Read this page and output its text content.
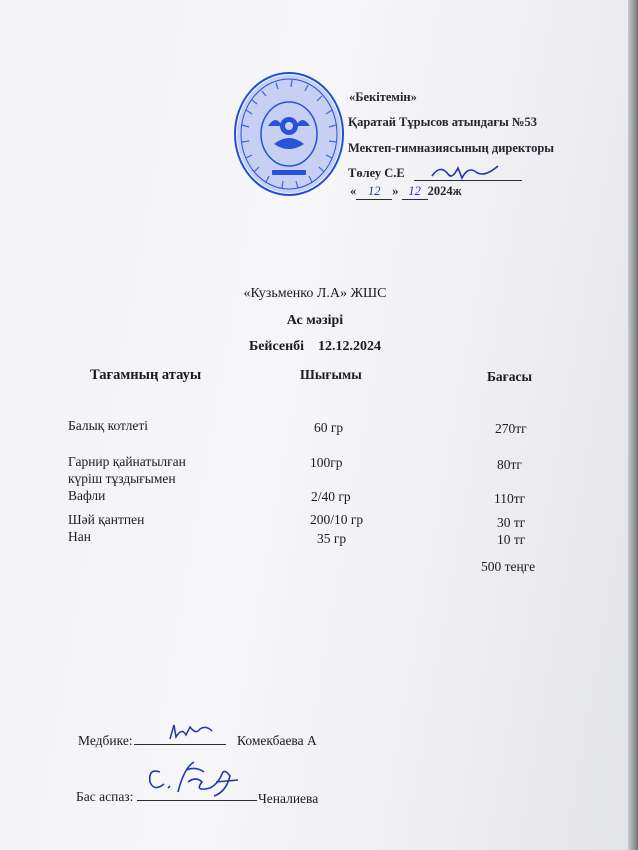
«Бекітемін»
Қаратай Тұрысов атындағы №53
Мектеп-гимназиясының директоры
Төлеу С.Е
« 12 » 12 2024ж
«Кузьменко Л.А» ЖШС
Ас мәзірі
Бейсенбі 12.12.2024
Тағамның атауы	Шығымы	Бағасы
Балық котлеті	60 гр	270тг
Гарнир қайнатылған
күріш тұздығымен
100гр	80тг
Вафли	2/40 гр	110тг
Шәй қантпен	200/10 гр	30 тг
Нан	35 гр	10 тг
500 теңге
Медбике:	Комекбаева А
Бас аспаз:	Ченалиева
